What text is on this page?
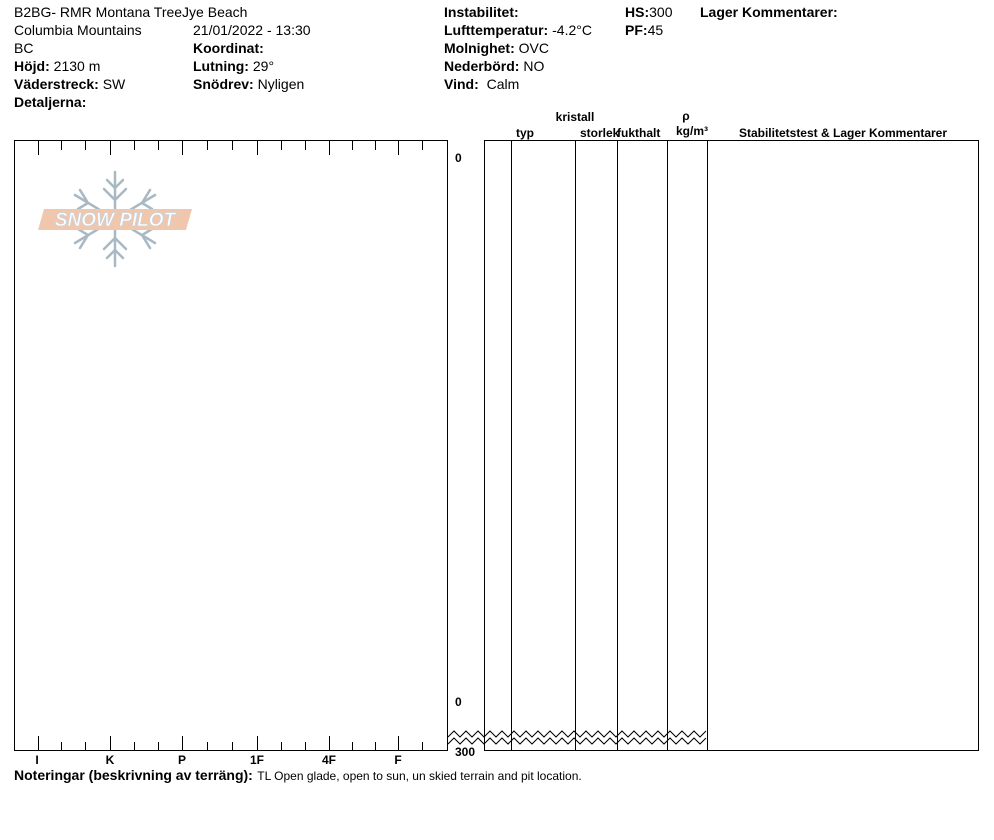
B2BG- RMR Montana TreeJye Beach
Columbia Mountains	21/01/2022 - 13:30
BC	Koordinat:
Höjd: 2130 m	Lutning: 29°
Väderstreck: SW	Snödrev: Nyligen
Detaljerna:
Instabilitet:
Lufttemperatur: -4.2°C
Molnighet: OVC
Nederbörd: NO
Vind: Calm
HS:300
PF:45
Lager Kommentarer:
SNOW PILOT
0
0
300
I	K	P	1F	4F	F
kristall
typ	storlek
fukthalt
ρ
kg/m³	Stabilitetstest & Lager Kommentarer
Noteringar (beskrivning av terräng): TL Open glade, open to sun, un skied terrain and pit location.
